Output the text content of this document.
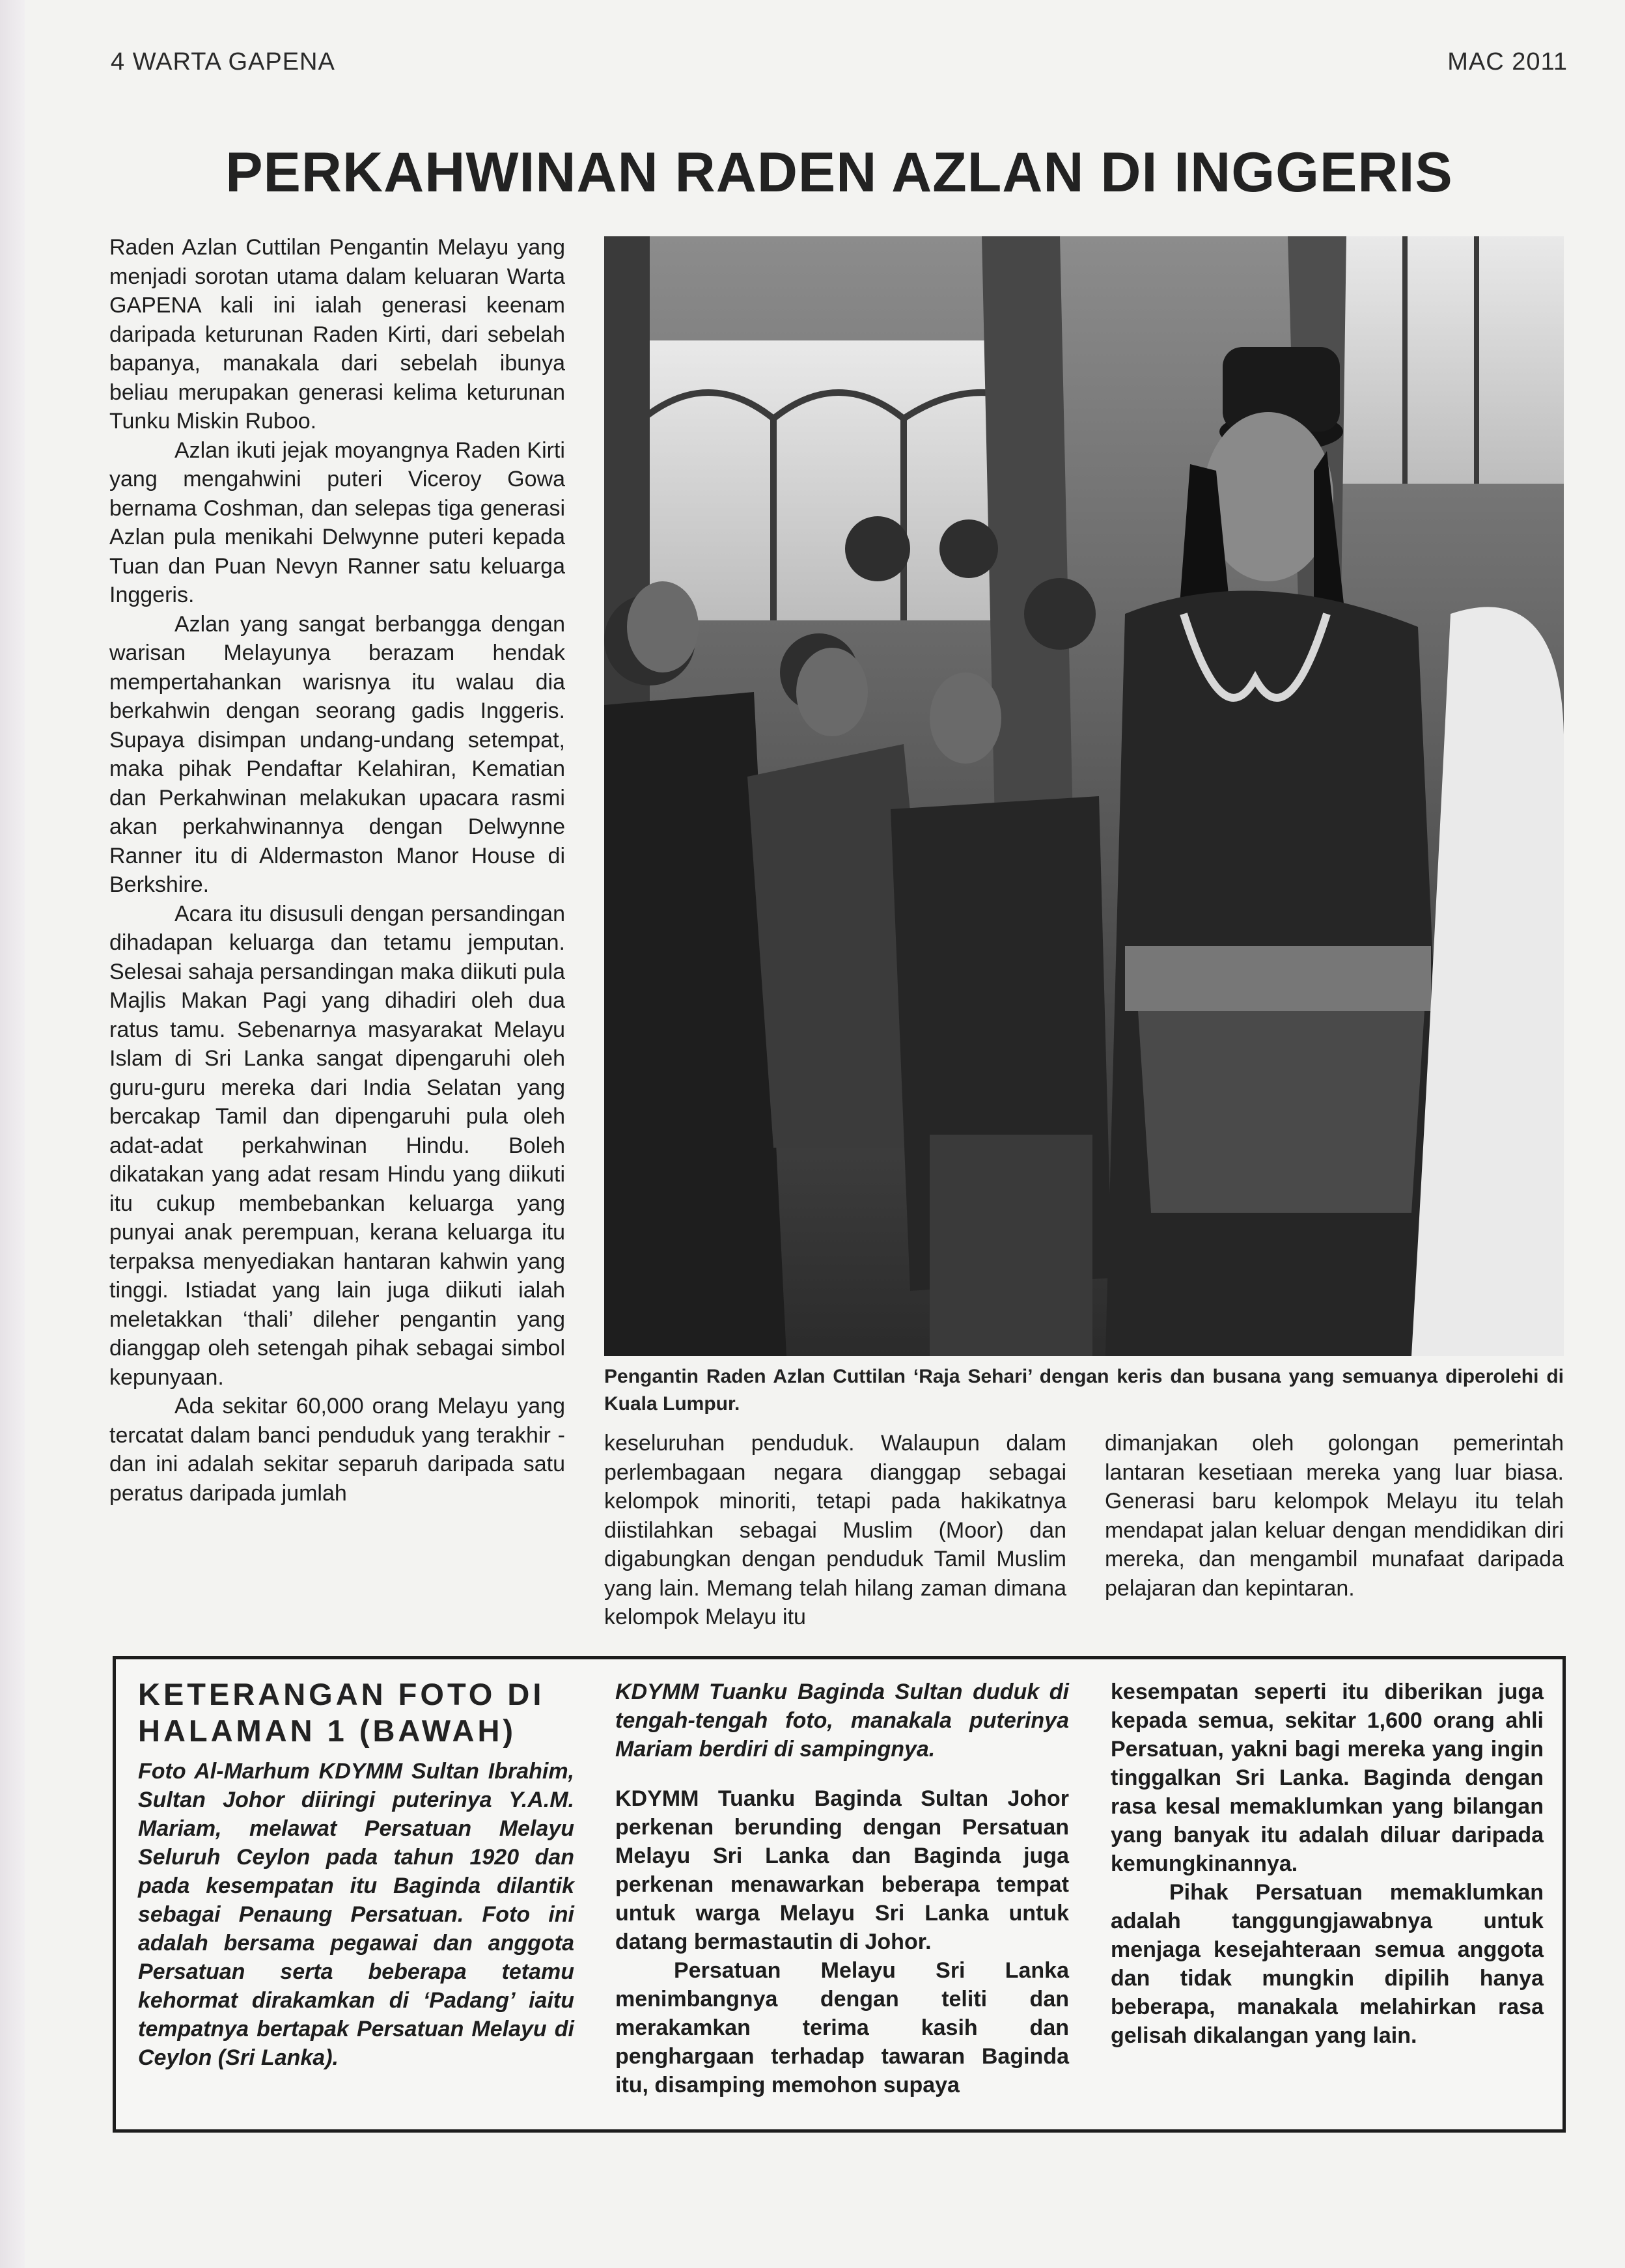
4 WARTA GAPENA	MAC 2011
PERKAHWINAN RADEN AZLAN DI INGGERIS

Raden Azlan Cuttilan Pengantin Melayu yang menjadi sorotan utama dalam keluaran Warta GAPENA kali ini ialah generasi keenam daripada keturunan Raden Kirti, dari sebelah bapanya, manakala dari sebelah ibunya beliau merupakan generasi kelima keturunan Tunku Miskin Ruboo.

Azlan ikuti jejak moyangnya Raden Kirti yang mengahwini puteri Viceroy Gowa bernama Coshman, dan selepas tiga generasi Azlan pula menikahi Delwynne puteri kepada Tuan dan Puan Nevyn Ranner satu keluarga Inggeris.

Azlan yang sangat berbangga dengan warisan Melayunya berazam hendak mempertahankan warisnya itu walau dia berkahwin dengan seorang gadis Inggeris. Supaya disimpan undang-undang setempat, maka pihak Pendaftar Kelahiran, Kematian dan Perkahwinan melakukan upacara rasmi akan perkahwinannya dengan Delwynne Ranner itu di Aldermaston Manor House di Berkshire.

Acara itu disusuli dengan persandingan dihadapan keluarga dan tetamu jemputan. Selesai sahaja persandingan maka diikuti pula Majlis Makan Pagi yang dihadiri oleh dua ratus tamu. Sebenarnya masyarakat Melayu Islam di Sri Lanka sangat dipengaruhi oleh guru-guru mereka dari India Selatan yang bercakap Tamil dan dipengaruhi pula oleh adat-adat perkahwinan Hindu. Boleh dikatakan yang adat resam Hindu yang diikuti itu cukup membebankan keluarga yang punyai anak perempuan, kerana keluarga itu terpaksa menyediakan hantaran kahwin yang tinggi. Istiadat yang lain juga diikuti ialah meletakkan ‘thali’ dileher pengantin yang dianggap oleh setengah pihak sebagai simbol kepunyaan.

Ada sekitar 60,000 orang Melayu yang tercatat dalam banci penduduk yang terakhir - dan ini adalah sekitar separuh daripada satu peratus daripada jumlah

Pengantin Raden Azlan Cuttilan ‘Raja Sehari’ dengan keris dan busana yang semuanya diperolehi di Kuala Lumpur.

keseluruhan penduduk. Walaupun dalam perlembagaan negara dianggap sebagai kelompok minoriti, tetapi pada hakikatnya diistilahkan sebagai Muslim (Moor) dan digabungkan dengan penduduk Tamil Muslim yang lain. Memang telah hilang zaman dimana kelompok Melayu itu

dimanjakan oleh golongan pemerintah lantaran kesetiaan mereka yang luar biasa. Generasi baru kelompok Melayu itu telah mendapat jalan keluar dengan mendidikan diri mereka, dan mengambil munafaat daripada pelajaran dan kepintaran.

KETERANGAN FOTO DI HALAMAN 1 (BAWAH)

Foto Al-Marhum KDYMM Sultan Ibrahim, Sultan Johor diiringi puterinya Y.A.M. Mariam, melawat Persatuan Melayu Seluruh Ceylon pada tahun 1920 dan pada kesempatan itu Baginda dilantik sebagai Penaung Persatuan. Foto ini adalah bersama pegawai dan anggota Persatuan serta beberapa tetamu kehormat dirakamkan di ‘Padang’ iaitu tempatnya bertapak Persatuan Melayu di Ceylon (Sri Lanka).

KDYMM Tuanku Baginda Sultan duduk di tengah-tengah foto, manakala puterinya Mariam berdiri di sampingnya.

KDYMM Tuanku Baginda Sultan Johor perkenan berunding dengan Persatuan Melayu Sri Lanka dan Baginda juga perkenan menawarkan beberapa tempat untuk warga Melayu Sri Lanka untuk datang bermastautin di Johor.

Persatuan Melayu Sri Lanka menimbangnya dengan teliti dan merakamkan terima kasih dan penghargaan terhadap tawaran Baginda itu, disamping memohon supaya

kesempatan seperti itu diberikan juga kepada semua, sekitar 1,600 orang ahli Persatuan, yakni bagi mereka yang ingin tinggalkan Sri Lanka. Baginda dengan rasa kesal memaklumkan yang bilangan yang banyak itu adalah diluar daripada kemungkinannya.

Pihak Persatuan memaklumkan adalah tanggungjawabnya untuk menjaga kesejahteraan semua anggota dan tidak mungkin dipilih hanya beberapa, manakala melahirkan rasa gelisah dikalangan yang lain.
